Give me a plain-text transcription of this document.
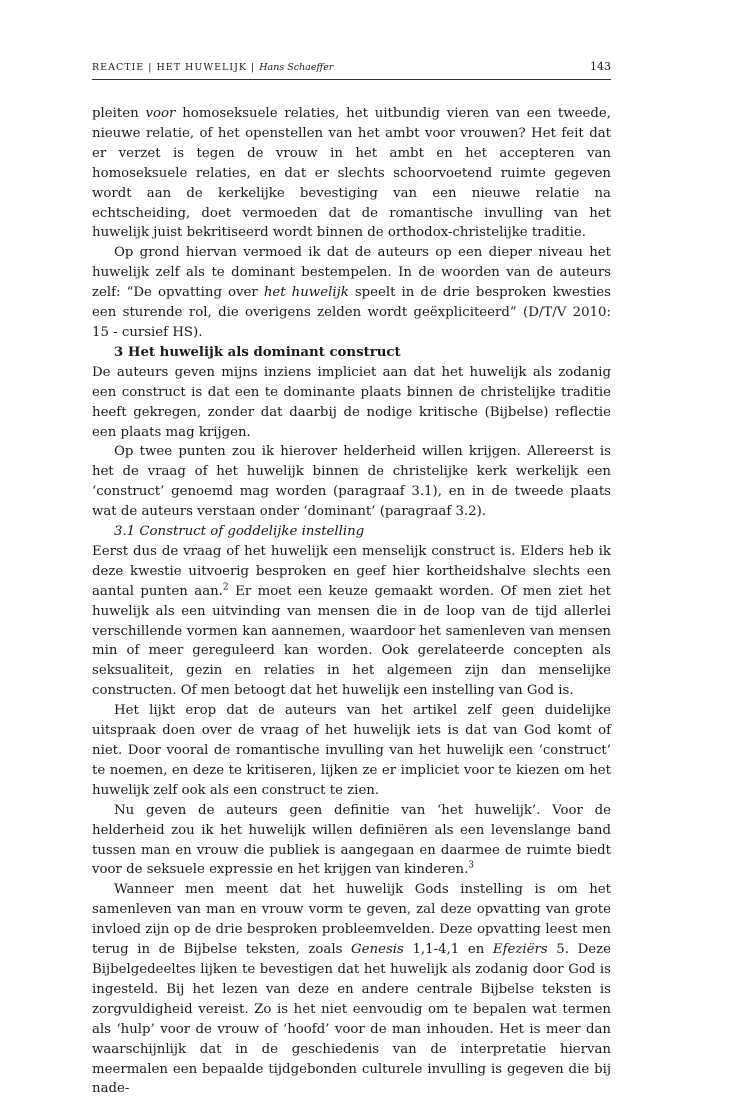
REACTIE | HET HUWELIJK | Hans Schaeffer	143

pleiten voor homoseksuele relaties, het uitbundig vieren van een tweede, nieuwe relatie, of het openstellen van het ambt voor vrouwen? Het feit dat er verzet is tegen de vrouw in het ambt en het accepteren van homoseksuele relaties, en dat er slechts schoorvoetend ruimte gegeven wordt aan de kerkelijke bevestiging van een nieuwe relatie na echtscheiding, doet vermoeden dat de romantische invulling van het huwelijk juist bekritiseerd wordt binnen de orthodox-christelijke traditie.

Op grond hiervan vermoed ik dat de auteurs op een dieper niveau het huwelijk zelf als te dominant bestempelen. In de woorden van de auteurs zelf: “De opvatting over het huwelijk speelt in de drie besproken kwesties een sturende rol, die overigens zelden wordt geëxpliciteerd” (D/T/V 2010: 15 - cursief HS).

3 Het huwelijk als dominant construct

De auteurs geven mijns inziens impliciet aan dat het huwelijk als zodanig een construct is dat een te dominante plaats binnen de christelijke traditie heeft gekregen, zonder dat daarbij de nodige kritische (Bijbelse) reflectie een plaats mag krijgen.

Op twee punten zou ik hierover helderheid willen krijgen. Allereerst is het de vraag of het huwelijk binnen de christelijke kerk werkelijk een ‘construct’ genoemd mag worden (paragraaf 3.1), en in de tweede plaats wat de auteurs verstaan onder ‘dominant’ (paragraaf 3.2).

3.1 Construct of goddelijke instelling

Eerst dus de vraag of het huwelijk een menselijk construct is. Elders heb ik deze kwestie uitvoerig besproken en geef hier kortheidshalve slechts een aantal punten aan.$^2$ Er moet een keuze gemaakt worden. Of men ziet het huwelijk als een uitvinding van mensen die in de loop van de tijd allerlei verschillende vormen kan aannemen, waardoor het samenleven van mensen min of meer gereguleerd kan worden. Ook gerelateerde concepten als seksualiteit, gezin en relaties in het algemeen zijn dan menselijke constructen. Of men betoogt dat het huwelijk een instelling van God is.

Het lijkt erop dat de auteurs van het artikel zelf geen duidelijke uitspraak doen over de vraag of het huwelijk iets is dat van God komt of niet. Door vooral de romantische invulling van het huwelijk een ‘construct’ te noemen, en deze te kritiseren, lijken ze er impliciet voor te kiezen om het huwelijk zelf ook als een construct te zien.

Nu geven de auteurs geen definitie van ‘het huwelijk’. Voor de helderheid zou ik het huwelijk willen definiëren als een levenslange band tussen man en vrouw die publiek is aangegaan en daarmee de ruimte biedt voor de seksuele expressie en het krijgen van kinderen.$^3$

Wanneer men meent dat het huwelijk Gods instelling is om het samenleven van man en vrouw vorm te geven, zal deze opvatting van grote invloed zijn op de drie besproken probleemvelden. Deze opvatting leest men terug in de Bijbelse teksten, zoals Genesis 1,1-4,1 en Efeziërs 5. Deze Bijbelgedeeltes lijken te bevestigen dat het huwelijk als zodanig door God is ingesteld. Bij het lezen van deze en andere centrale Bijbelse teksten is zorgvuldigheid vereist. Zo is het niet eenvoudig om te bepalen wat termen als ‘hulp’ voor de vrouw of ‘hoofd’ voor de man inhouden. Het is meer dan waarschijnlijk dat in de geschiedenis van de interpretatie hiervan meermalen een bepaalde tijdgebonden culturele invulling is gegeven die bij nade-
